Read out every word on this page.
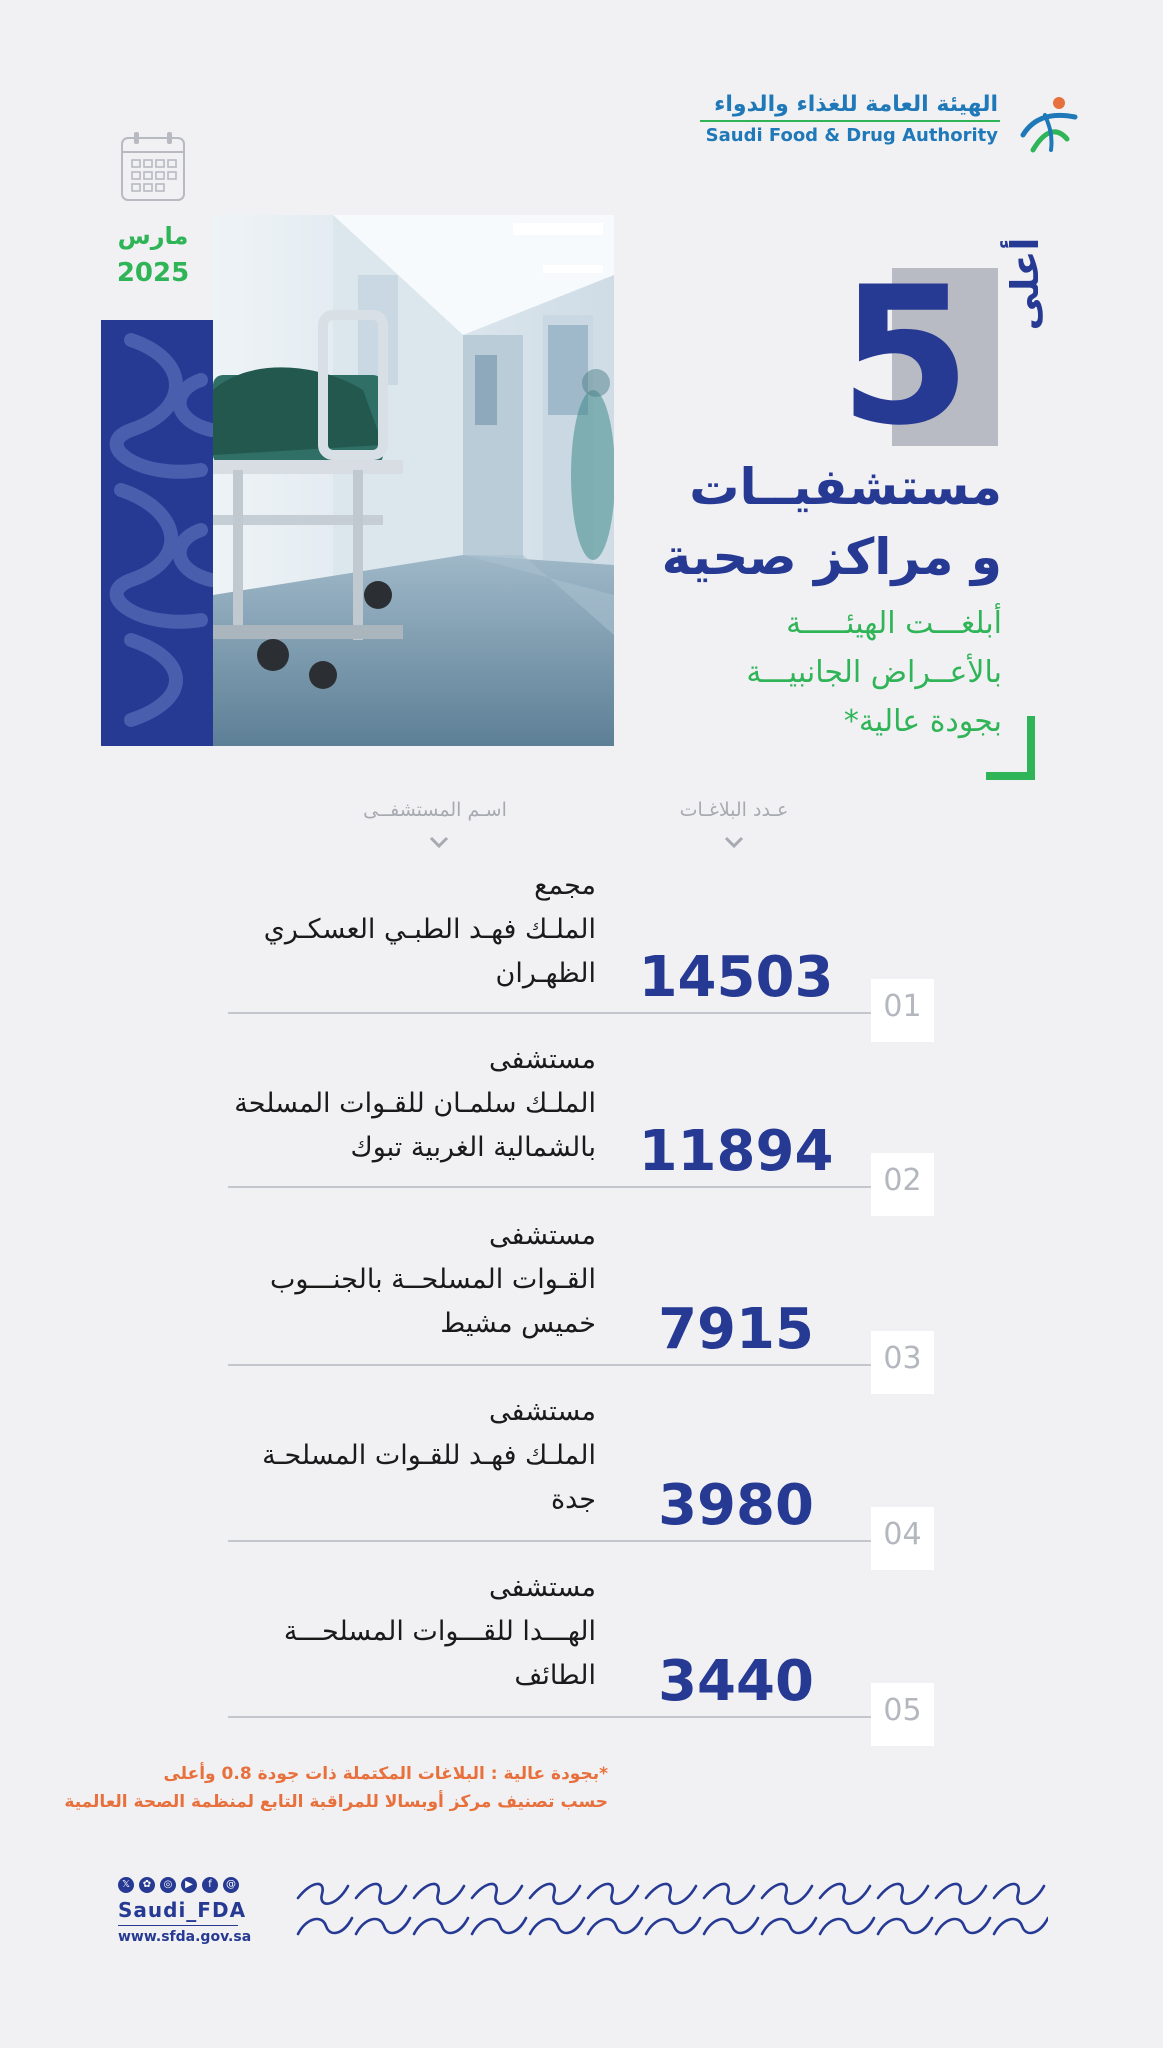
الهيئة العامة للغذاء والدواء
Saudi Food & Drug Authority
مارس
2025	أعلى
5
مستشفيــات
و مراكز صحية
أبلغـــت الهيئـــــة
بالأعــراض الجانبيـــة
بجودة عالية*
عـدد البلاغـات
اسـم المستشفــى
مجمع
الملـك فهـد الطبـي العسكـري
الظهـران 14503	01
مستشفى
الملـك سلمـان للقـوات المسلحة
بالشمالية الغربية تبوك 11894	02
مستشفى
القـوات المسلحــة بالجنـــوب
خميس مشيط	7915	03
مستشفى
الملـك فهـد للقـوات المسلحـة
جدة	3980	04
مستشفى
الهـــدا للقـــوات المسلحـــة
الطائف	3440	05
*بجودة عالية : البلاغات المكتملة ذات جودة 0.8 وأعلى
حسب تصنيف مركز أوبسالا للمراقبة التابع لمنظمة الصحة العالمية
𝕏	✿	◎	▶	f	@
Saudi_FDA
www.sfda.gov.sa
